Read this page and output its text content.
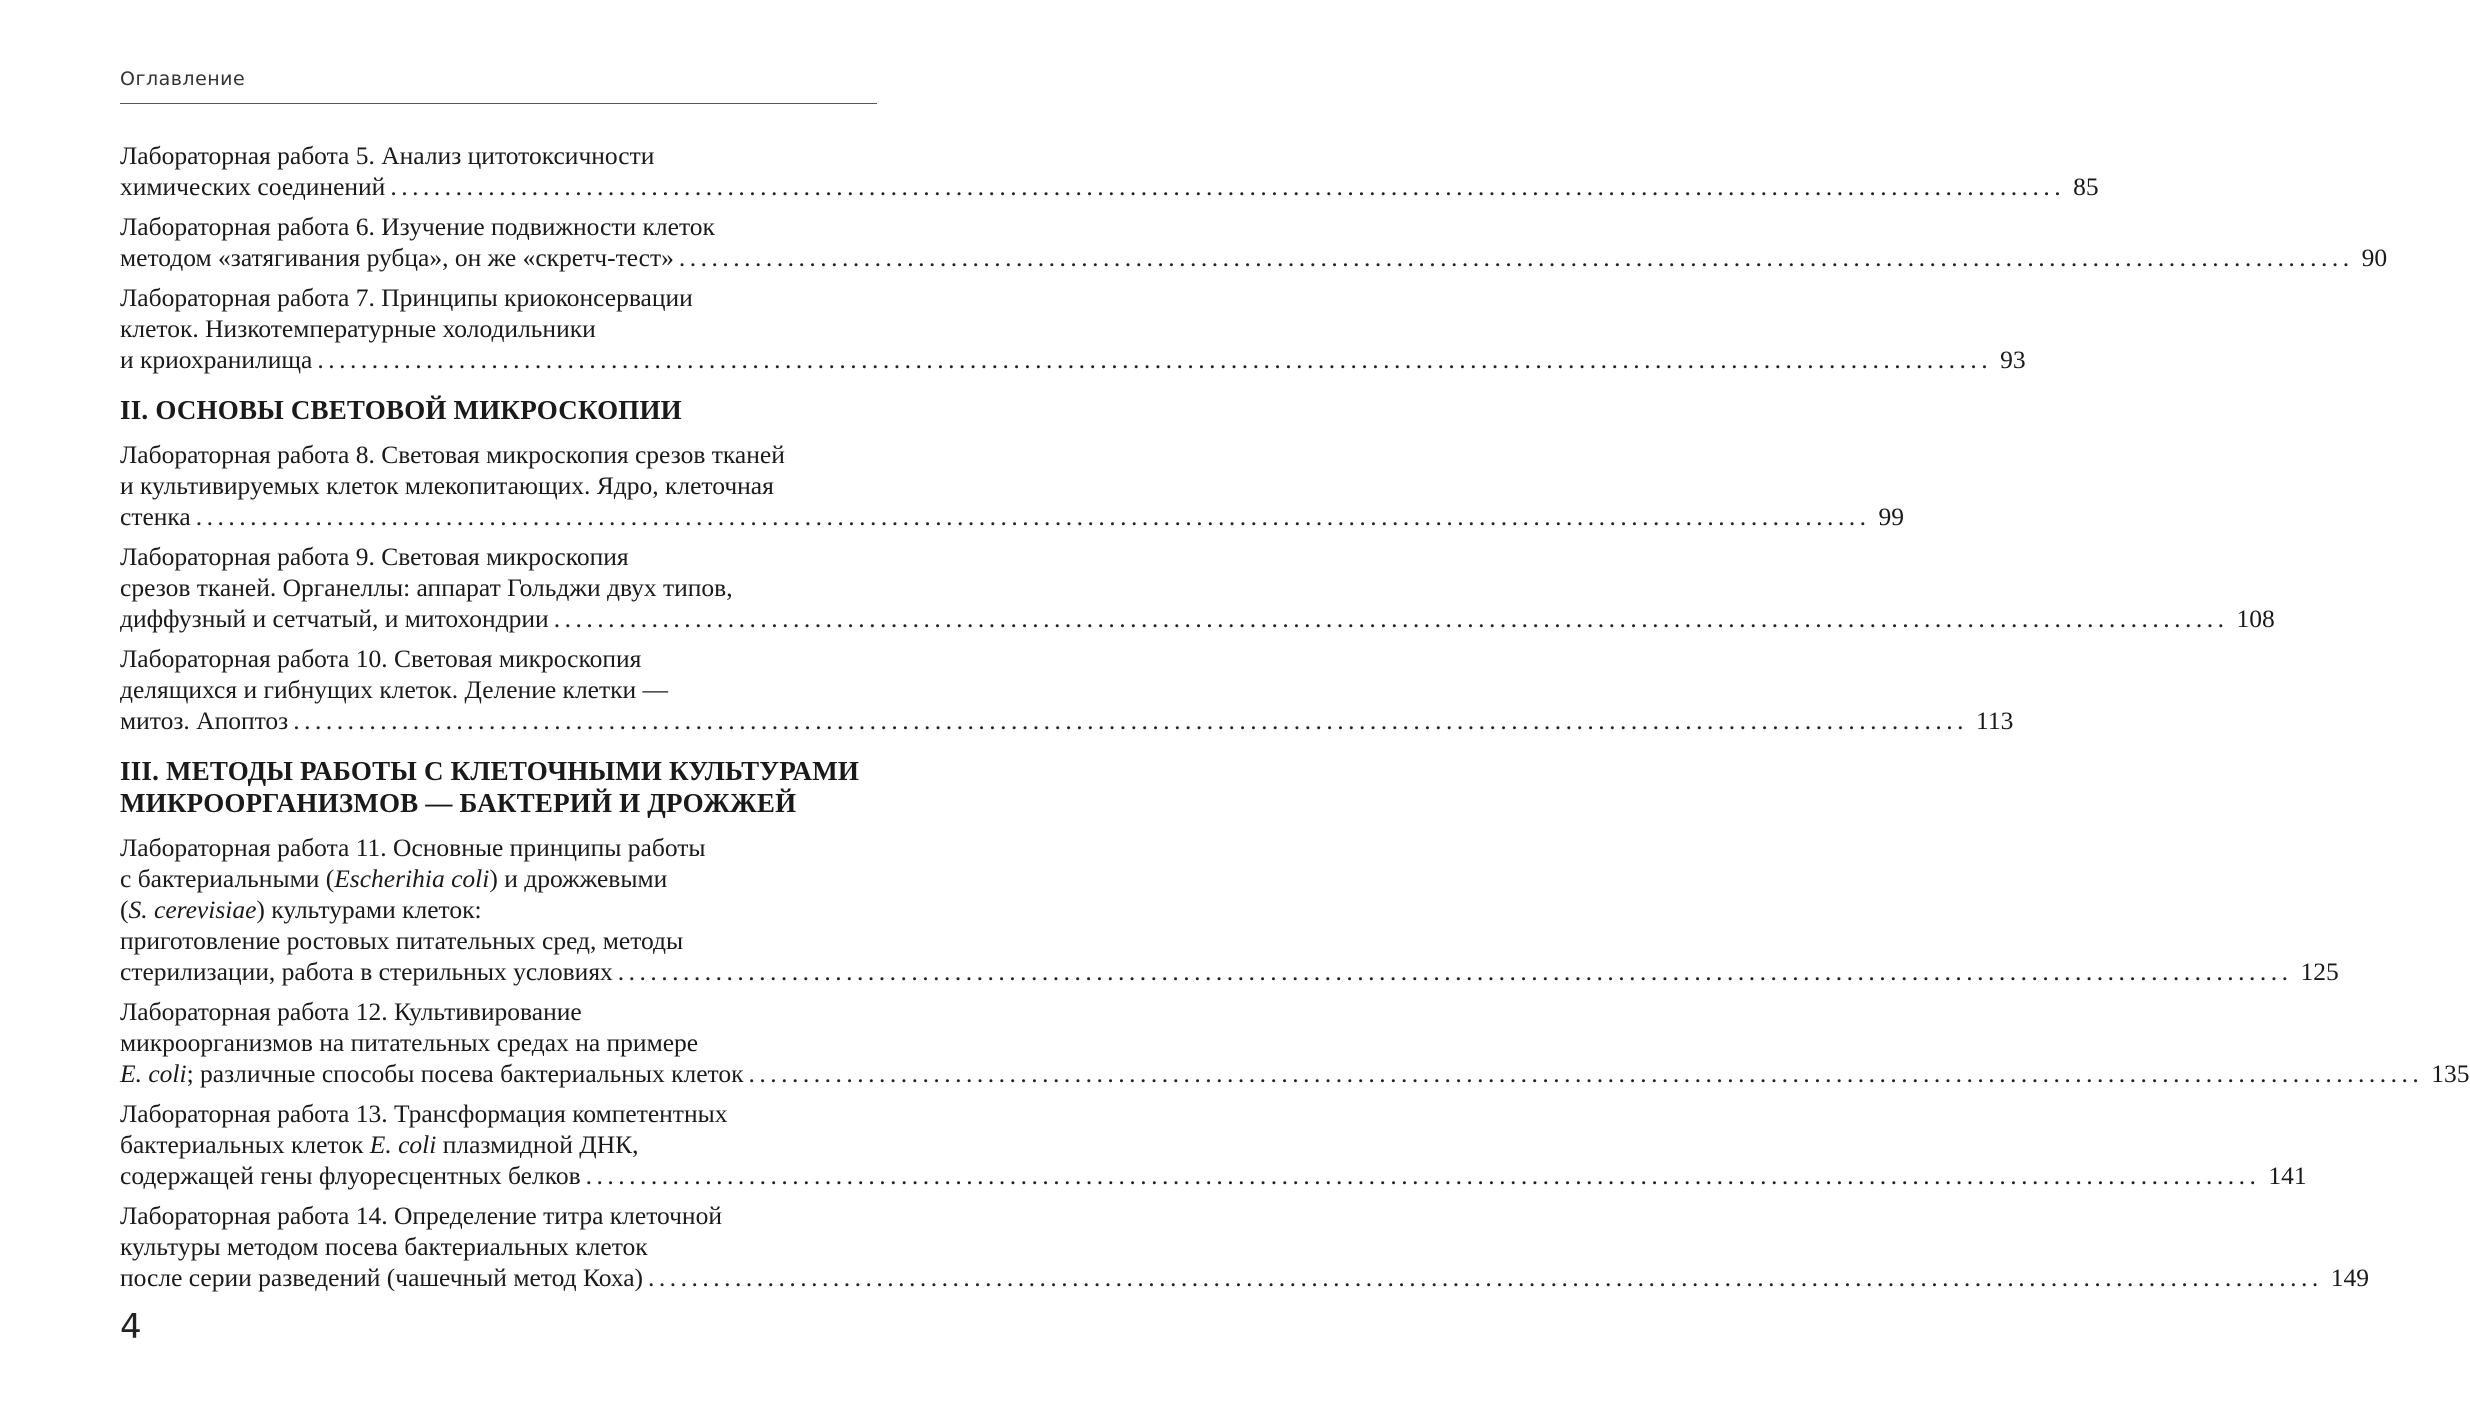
Оглавление
Лабораторная работа 5. Анализ цитотоксичности
химических соединений .......................................................................................................................................................... 85
Лабораторная работа 6. Изучение подвижности клеток
методом «затягивания рубца», он же «скретч-тест» .......................................................................................................................................................... 90
Лабораторная работа 7. Принципы криоконсервации
клеток. Низкотемпературные холодильники
и криохранилища .......................................................................................................................................................... 93
II. ОСНОВЫ СВЕТОВОЙ МИКРОСКОПИИ
Лабораторная работа 8. Световая микроскопия срезов тканей
и культивируемых клеток млекопитающих. Ядро, клеточная
стенка .......................................................................................................................................................... 99
Лабораторная работа 9. Световая микроскопия
срезов тканей. Органеллы: аппарат Гольджи двух типов,
диффузный и сетчатый, и митохондрии .......................................................................................................................................................... 108
Лабораторная работа 10. Световая микроскопия
делящихся и гибнущих клеток. Деление клетки —
митоз. Апоптоз .......................................................................................................................................................... 113
III. МЕТОДЫ РАБОТЫ С КЛЕТОЧНЫМИ КУЛЬТУРАМИ
МИКРООРГАНИЗМОВ — БАКТЕРИЙ И ДРОЖЖЕЙ
Лабораторная работа 11. Основные принципы работы
с бактериальными (Escherihia coli) и дрожжевыми
(S. cerevisiae) культурами клеток:
приготовление ростовых питательных сред, методы
стерилизации, работа в стерильных условиях .......................................................................................................................................................... 125
Лабораторная работа 12. Культивирование
микроорганизмов на питательных средах на примере
E. coli; различные способы посева бактериальных клеток .......................................................................................................................................................... 135
Лабораторная работа 13. Трансформация компетентных
бактериальных клеток E. coli плазмидной ДНК,
содержащей гены флуоресцентных белков .......................................................................................................................................................... 141
Лабораторная работа 14. Определение титра клеточной
культуры методом посева бактериальных клеток
после серии разведений (чашечный метод Коха) .......................................................................................................................................................... 149
4
